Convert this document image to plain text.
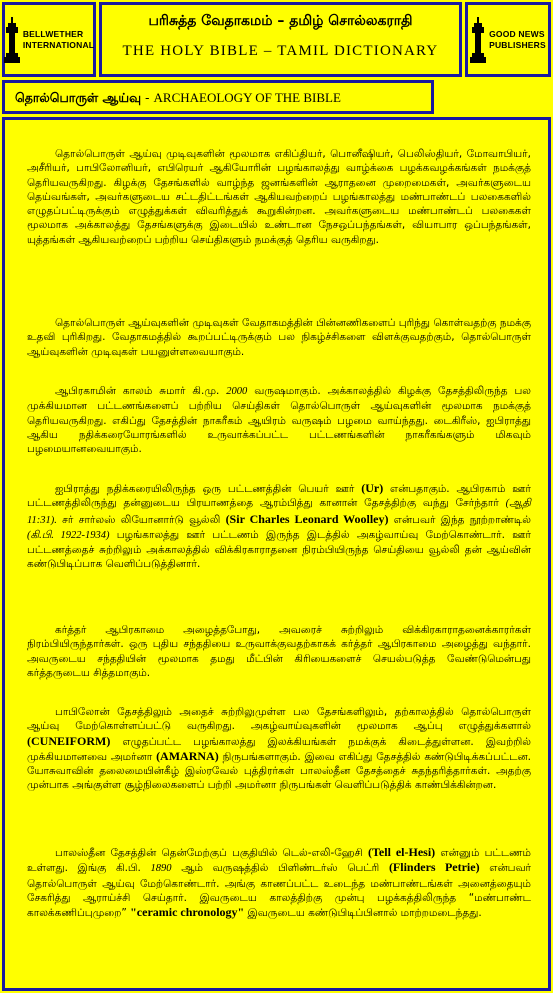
BELLWETHER
INTERNATIONAL
பரிசுத்த வேதாகமம் – தமிழ் சொல்லகராதி
THE HOLY BIBLE – TAMIL DICTIONARY
GOOD NEWS
PUBLISHERS
தொல்பொருள் ஆய்வு - ARCHAEOLOGY OF THE BIBLE

தொல்பொருள் ஆய்வு முடிவுகளின் மூலமாக எகிப்தியர், பொனீஷியர், பெலிஸ்தியர், மோவாபியர், அசீரியர், பாபிலோனியர், எபிரெயர் ஆகியோரின் பழங்காலத்து வாழ்க்கை பழக்கவழக்கங்கள் நமக்குத் தெரியவருகிறது. கிழக்கு தேசங்களில் வாழ்ந்த ஜனங்களின் ஆராதனை முறைமைகள், அவர்களுடைய தெய்வங்கள், அவர்களுடைய சட்டதிட்டங்கள் ஆகியவற்றைப் பழங்காலத்து மண்பாண்டப் பலகைகளில் எழுதப்பட்டிருக்கும் எழுத்துக்கள் விவரித்துக் கூறுகின்றன. அவர்களுடைய மண்பாண்டப் பலகைகள் மூலமாக அக்காலத்து தேசங்களுக்கு இடையில் உண்டான நேசஒப்பந்தங்கள், வியாபார ஒப்பந்தங்கள், யுத்தங்கள் ஆகியவற்றைப் பற்றிய செய்திகளும் நமக்குத் தெரிய வருகிறது.

தொல்பொருள் ஆய்வுகளின் முடிவுகள் வேதாகமத்தின் பின்னணிகளைப் புரிந்து கொள்வதற்கு நமக்கு உதவி புரிகிறது. வேதாகமத்தில் கூறப்பட்டிருக்கும் பல நிகழ்ச்சிகளை விளக்குவதற்கும், தொல்பொருள் ஆய்வுகளின் முடிவுகள் பயனுள்ளவையாகும்.

ஆபிரகாமின் காலம் சுமார் கி.மு. 2000 வருஷமாகும். அக்காலத்தில் கிழக்கு தேசத்திலிருந்த பல முக்கியமான பட்டணங்களைப் பற்றிய செய்திகள் தொல்பொருள் ஆய்வுகளின் மூலமாக நமக்குத் தெரியவருகிறது. எகிப்து தேசத்தின் நாகரீகம் ஆயிரம் வருஷம் பழமை வாய்ந்தது. டைகிரீஸ், ஐபிராத்து ஆகிய நதிக்கரையோரங்களில் உருவாக்கப்பட்ட பட்டணங்களின் நாகரீகங்களும் மிகவும் பழமையானவையாகும்.

ஐபிராத்து நதிக்கரையிலிருந்த ஒரு பட்டணத்தின் பெயர் ஊர் (Ur) என்பதாகும். ஆபிரகாம் ஊர் பட்டணத்திலிருந்து தன்னுடைய பிரயாணத்தை ஆரம்பித்து கானான் தேசத்திற்கு வந்து சேர்ந்தார் (ஆதி 11:31). சர் சார்லஸ் லியோனார்டு வூல்லி (Sir Charles Leonard Woolley) என்பவர் இந்த நூற்றாண்டில் (கி.பி. 1922-1934) பழங்காலத்து ஊர் பட்டணம் இருந்த இடத்தில் அகழ்வாய்வு மேற்கொண்டார். ஊர் பட்டணத்தைச் சுற்றிலும் அக்காலத்தில் விக்கிரகாராதனை நிரம்பியிருந்த செய்தியை வூல்லி தன் ஆய்வின் கண்டுபிடிப்பாக வெளிப்படுத்தினார்.

கர்த்தர் ஆபிரகாமை அழைத்தபோது, அவரைச் சுற்றிலும் விக்கிரகாராதனைக்காரர்கள் நிரம்பியிருந்தார்கள். ஒரு புதிய சந்ததியை உருவாக்குவதற்காகக் கர்த்தர் ஆபிரகாமை அழைத்து வந்தார். அவருடைய சந்ததியின் மூலமாக தமது மீட்பின் கிரியைகளைச் செயல்படுத்த வேண்டுமென்பது கர்த்தருடைய சித்தமாகும்.

பாபிலோன் தேசத்திலும் அதைச் சுற்றிலுமுள்ள பல தேசங்களிலும், தற்காலத்தில் தொல்பொருள் ஆய்வு மேற்கொள்ளப்பட்டு வருகிறது. அகழ்வாய்வுகளின் மூலமாக ஆப்பு எழுத்துக்களால் (CUNEIFORM) எழுதப்பட்ட பழங்காலத்து இலக்கியங்கள் நமக்குக் கிடைத்துள்ளன. இவற்றில் முக்கியமானவை அமர்னா (AMARNA) நிருபங்களாகும். இவை எகிப்து தேசத்தில் கண்டுபிடிக்கப்பட்டன. யோசுவாவின் தலைமையின்கீழ் இஸ்ரவேல் புத்திரர்கள் பாலஸ்தீன தேசத்தைச் சுதந்தரித்தார்கள். அதற்கு முன்பாக அங்குள்ள சூழ்நிலைகளைப் பற்றி அமர்னா நிருபங்கள் வெளிப்படுத்திக் காண்பிக்கின்றன.

பாலஸ்தீன தேசத்தின் தென்மேற்குப் பகுதியில் டெல்-எலி-ஹேசி (Tell el-Hesi) என்னும் பட்டணம் உள்ளது. இங்கு கி.பி. 1890 ஆம் வருஷத்தில் பிளிண்டர்ஸ் பெட்ரி (Flinders Petrie) என்பவர் தொல்பொருள் ஆய்வு மேற்கொண்டார். அங்கு காணப்பட்ட உடைந்த மண்பாண்டங்கள் அனைத்தையும் சேகரித்து ஆராய்ச்சி செய்தார். இவருடைய காலத்திற்கு முன்பு பழக்கத்திலிருந்த “மண்பாண்ட காலக்கணிப்புமுறை” "ceramic chronology" இவருடைய கண்டுபிடிப்பினால் மாற்றமடைந்தது.
